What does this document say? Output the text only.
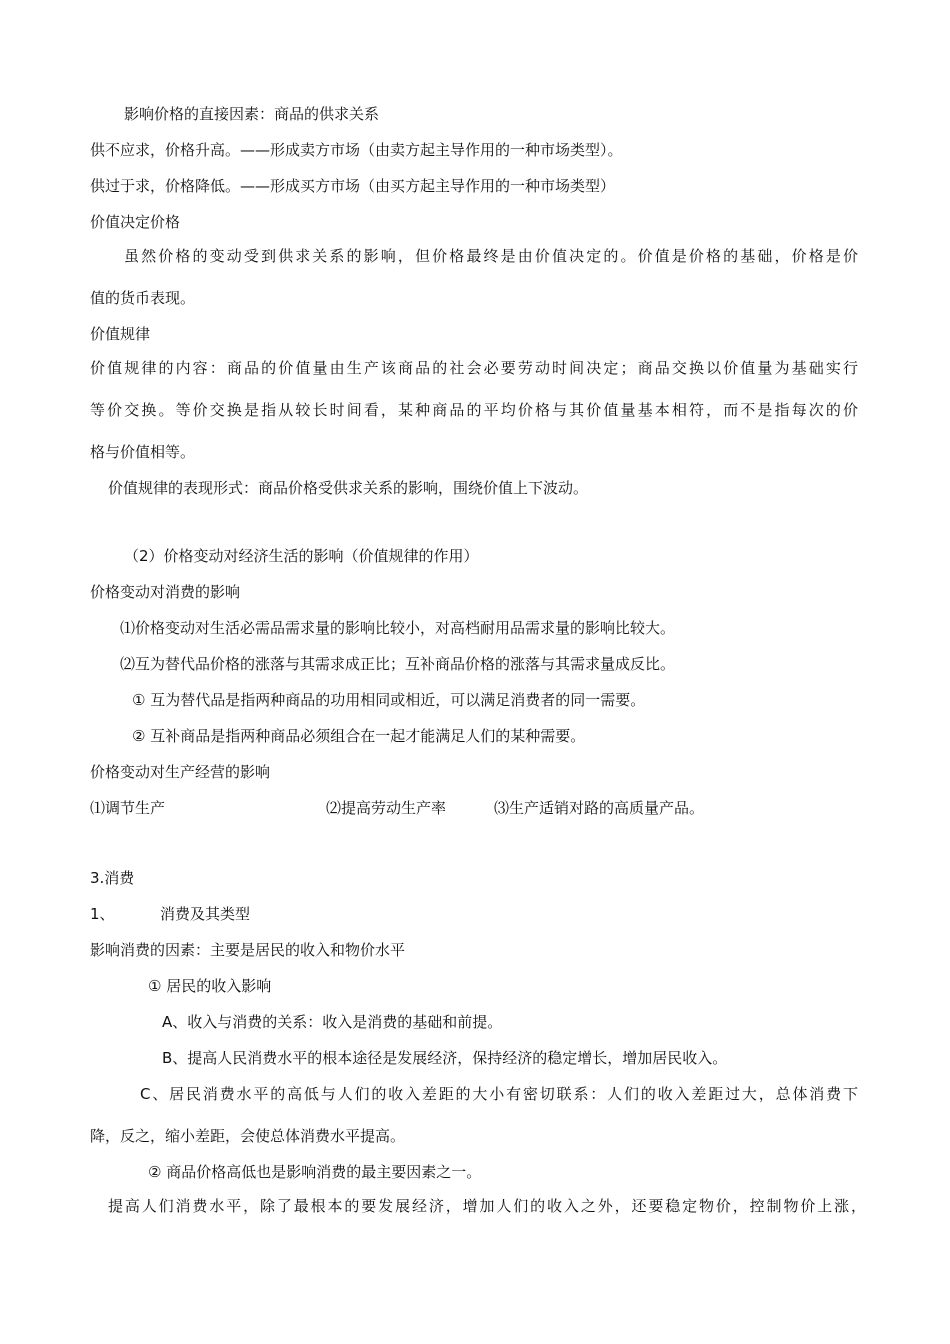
影响价格的直接因素：商品的供求关系
供不应求，价格升高。——形成卖方市场（由卖方起主导作用的一种市场类型）。
供过于求，价格降低。——形成买方市场（由买方起主导作用的一种市场类型）
价值决定价格
虽然价格的变动受到供求关系的影响，但价格最终是由价值决定的。价值是价格的基础，价格是价
值的货币表现。
价值规律
价值规律的内容：商品的价值量由生产该商品的社会必要劳动时间决定；商品交换以价值量为基础实行
等价交换。等价交换是指从较长时间看，某种商品的平均价格与其价值量基本相符，而不是指每次的价
格与价值相等。
价值规律的表现形式：商品价格受供求关系的影响，围绕价值上下波动。
（2）价格变动对经济生活的影响（价值规律的作用）
价格变动对消费的影响
⑴价格变动对生活必需品需求量的影响比较小，对高档耐用品需求量的影响比较大。
⑵互为替代品价格的涨落与其需求成正比；互补商品价格的涨落与其需求量成反比。
① 互为替代品是指两种商品的功用相同或相近，可以满足消费者的同一需要。
② 互补商品是指两种商品必须组合在一起才能满足人们的某种需要。
价格变动对生产经营的影响
⑴调节生产	⑵提高劳动生产率	⑶生产适销对路的高质量产品。
3.消费
1、	消费及其类型
影响消费的因素：主要是居民的收入和物价水平
① 居民的收入影响
A、收入与消费的关系：收入是消费的基础和前提。
B、提高人民消费水平的根本途径是发展经济，保持经济的稳定增长，增加居民收入。
C、居民消费水平的高低与人们的收入差距的大小有密切联系：人们的收入差距过大，总体消费下
降，反之，缩小差距，会使总体消费水平提高。
② 商品价格高低也是影响消费的最主要因素之一。
提高人们消费水平，除了最根本的要发展经济，增加人们的收入之外，还要稳定物价，控制物价上涨，
